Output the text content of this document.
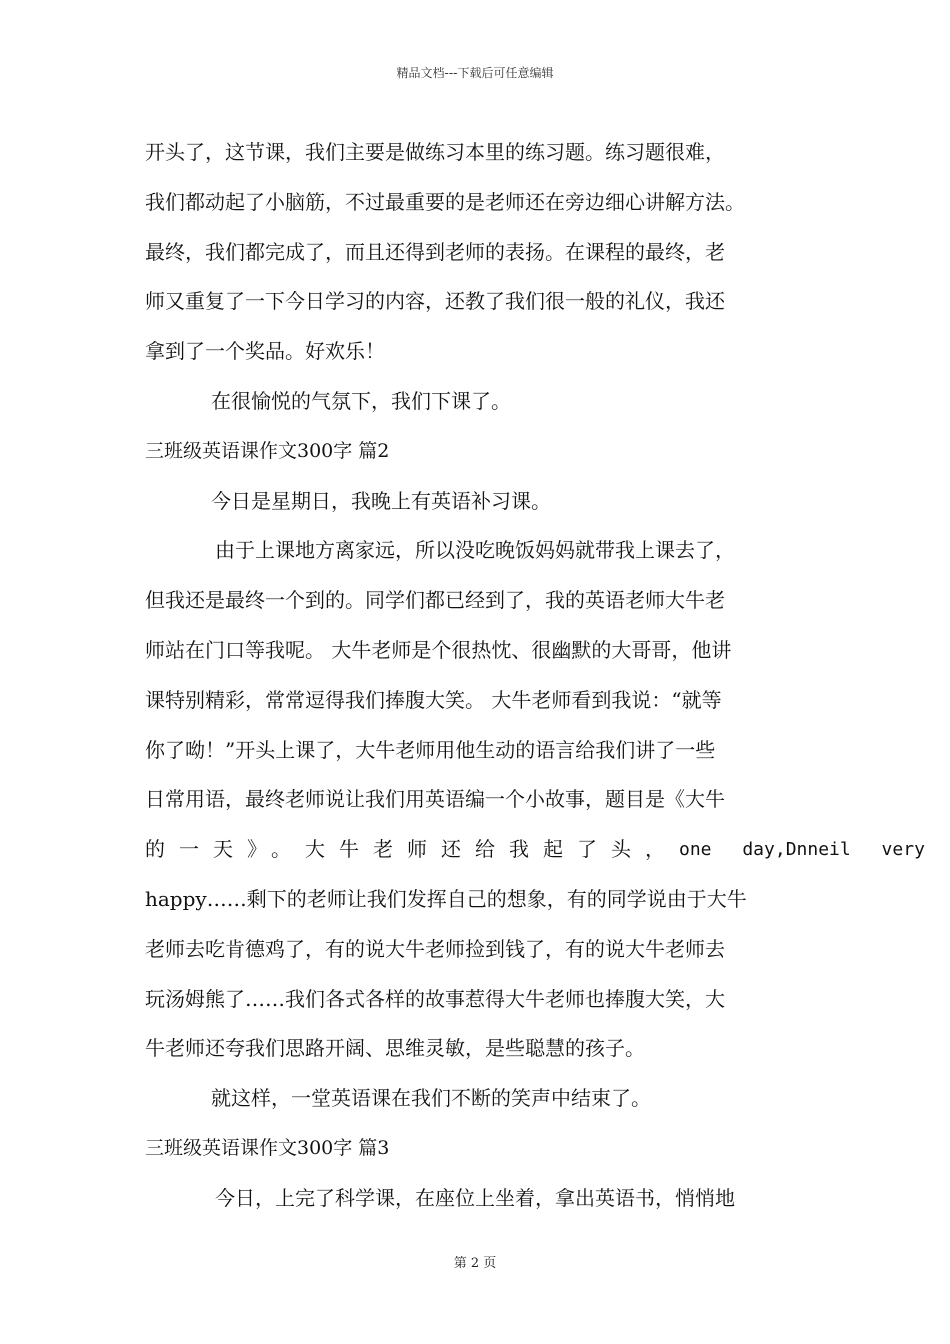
精品文档---下载后可任意编辑
开头了，这节课，我们主要是做练习本里的练习题。练习题很难，
我们都动起了小脑筋，不过最重要的是老师还在旁边细心讲解方法。
最终，我们都完成了，而且还得到老师的表扬。在课程的最终，老
师又重复了一下今日学习的内容，还教了我们很一般的礼仪，我还
拿到了一个奖品。好欢乐！
在很愉悦的气氛下，我们下课了。
三班级英语课作文300字 篇2
今日是星期日，我晚上有英语补习课。
由于上课地方离家远，所以没吃晚饭妈妈就带我上课去了，
但我还是最终一个到的。同学们都已经到了，我的英语老师大牛老
师站在门口等我呢。 大牛老师是个很热忱、很幽默的大哥哥，他讲
课特别精彩，常常逗得我们捧腹大笑。 大牛老师看到我说：“就等
你了呦！”开头上课了，大牛老师用他生动的语言给我们讲了一些
日常用语，最终老师说让我们用英语编一个小故事，题目是《大牛
的一天》。大牛老师还给我起了头， one day,Dnneil very
happy……剩下的老师让我们发挥自己的想象，有的同学说由于大牛
老师去吃肯德鸡了，有的说大牛老师捡到钱了，有的说大牛老师去
玩汤姆熊了……我们各式各样的故事惹得大牛老师也捧腹大笑，大
牛老师还夸我们思路开阔、思维灵敏，是些聪慧的孩子。
就这样，一堂英语课在我们不断的笑声中结束了。
三班级英语课作文300字 篇3
今日，上完了科学课，在座位上坐着，拿出英语书，悄悄地
第 2 页
